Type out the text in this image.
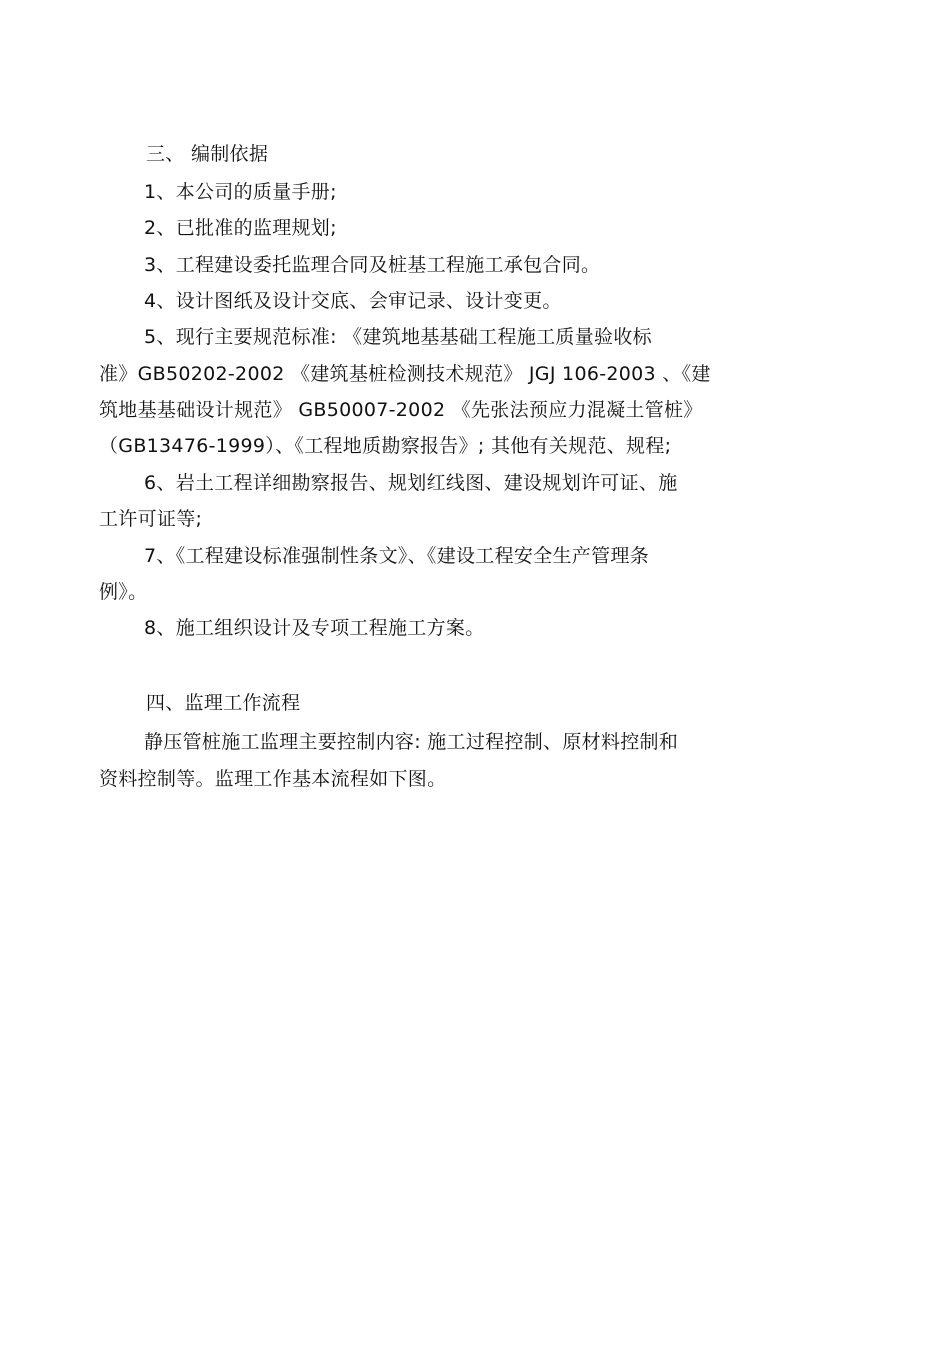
三、 编制依据
1、本公司的质量手册;
2、已批准的监理规划;
3、工程建设委托监理合同及桩基工程施工承包合同。
4、设计图纸及设计交底、会审记录、设计变更。
5、现行主要规范标准: 《建筑地基基础工程施工质量验收标
准》GB50202-2002 《建筑基桩检测技术规范》 JGJ 106-2003 、《建
筑地基基础设计规范》 GB50007-2002 《先张法预应力混凝土管桩》
（GB13476-1999）、《工程地质勘察报告》; 其他有关规范、规程;
6、岩土工程详细勘察报告、规划红线图、建设规划许可证、施
工许可证等;
7、《工程建设标准强制性条文》、《建设工程安全生产管理条
例》。
8、施工组织设计及专项工程施工方案。
四、监理工作流程
静压管桩施工监理主要控制内容: 施工过程控制、原材料控制和
资料控制等。监理工作基本流程如下图。
